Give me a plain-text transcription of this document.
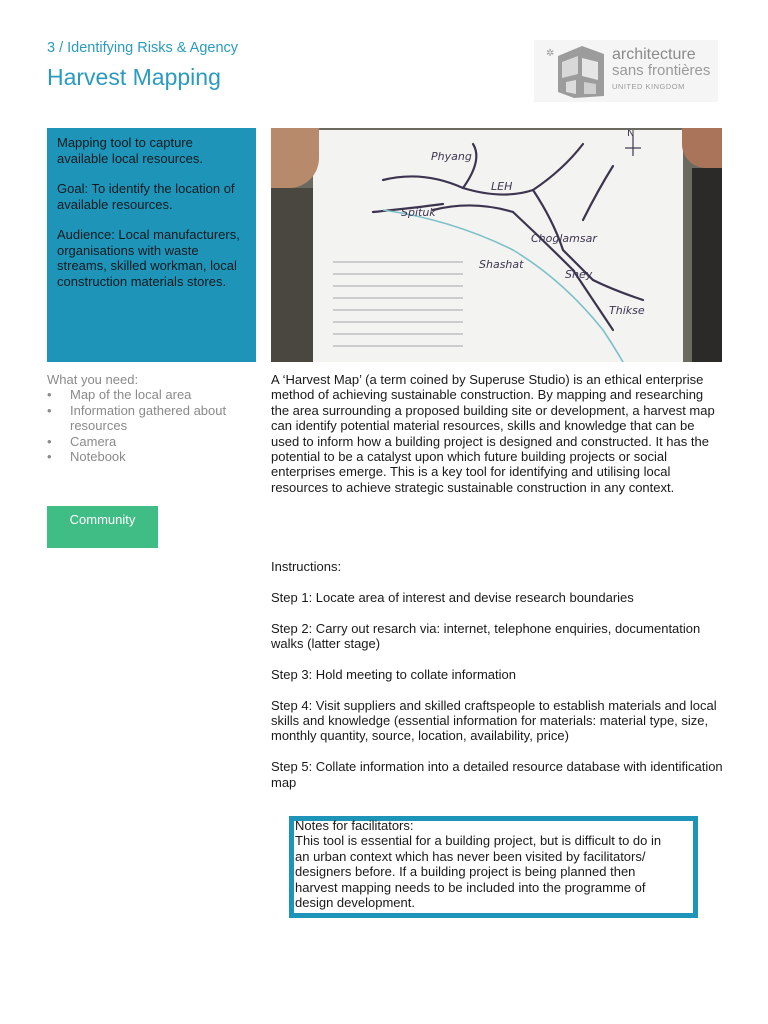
3 / Identifying Risks & Agency
Harvest Mapping
✲	architecture
sans frontières
UNITED KINGDOM

Mapping tool to capture available local resources.

Goal: To identify the location of available resources.

Audience: Local manufacturers, organisations with waste streams, skilled workman, local construction materials stores.

What you need:
• Map of the local area
• Information gathered about resources
• Camera
• Notebook
Community
Phyang
LEH
Spituk
Choglamsar
Shashat
Shey
Thikse
N
A ‘Harvest Map’ (a term coined by Superuse Studio) is an ethical enterprise method of achieving sustainable construction. By mapping and researching the area surrounding a proposed building site or development, a harvest map can identify potential material resources, skills and knowledge that can be used to inform how a building project is designed and constructed. It has the potential to be a catalyst upon which future building projects or social enterprises emerge. This is a key tool for identifying and utilising local resources to achieve strategic sustainable construction in any context.

Instructions:

Step 1: Locate area of interest and devise research boundaries

Step 2: Carry out resarch via: internet, telephone enquiries, documentation walks (latter stage)

Step 3: Hold meeting to collate information

Step 4: Visit suppliers and skilled craftspeople to establish materials and local skills and knowledge (essential information for materials: material type, size, monthly quantity, source, location, availability, price)

Step 5: Collate information into a detailed resource database with identification map

Notes for facilitators:
This tool is essential for a building project, but is difficult to do in an urban context which has never been visited by facilitators/ designers before. If a building project is being planned then harvest mapping needs to be included into the programme of design development.
